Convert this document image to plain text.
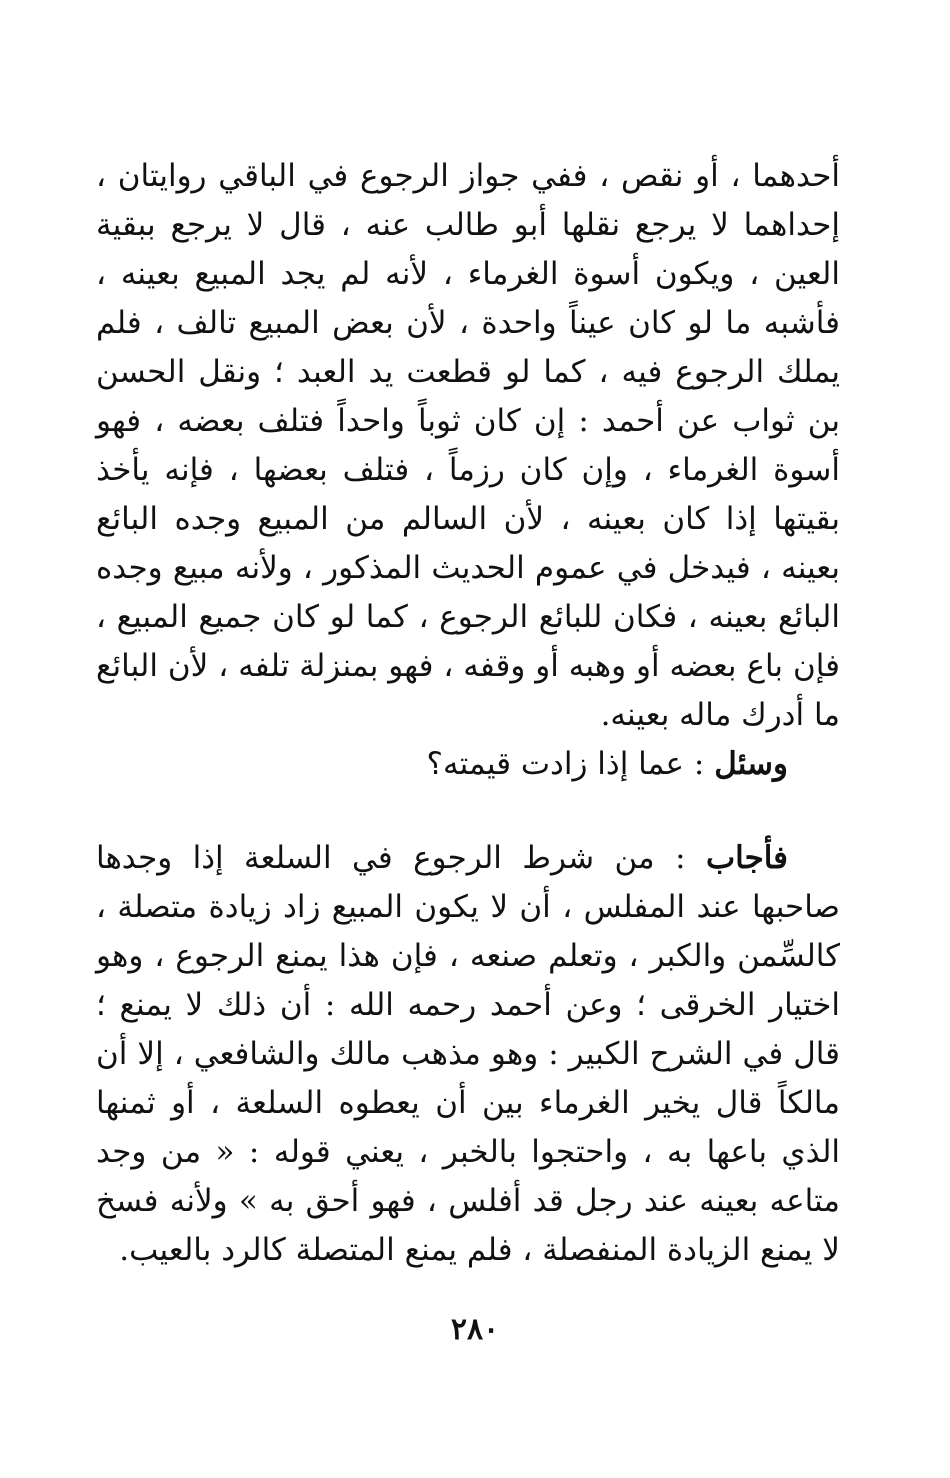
أحدهما ، أو نقص ، ففي جواز الرجوع في الباقي روايتان ، إحداهما لا يرجع نقلها أبو طالب عنه ، قال لا يرجع ببقية العين ، ويكون أسوة الغرماء ، لأنه لم يجد المبيع بعينه ، فأشبه ما لو كان عيناً واحدة ، لأن بعض المبيع تالف ، فلم يملك الرجوع فيه ، كما لو قطعت يد العبد ؛ ونقل الحسن بن ثواب عن أحمد : إن كان ثوباً واحداً فتلف بعضه ، فهو أسوة الغرماء ، وإن كان رزماً ، فتلف بعضها ، فإنه يأخذ بقيتها إذا كان بعينه ، لأن السالم من المبيع وجده البائع بعينه ، فيدخل في عموم الحديث المذكور ، ولأنه مبيع وجده البائع بعينه ، فكان للبائع الرجوع ، كما لو كان جميع المبيع ، فإن باع بعضه أو وهبه أو وقفه ، فهو بمنزلة تلفه ، لأن البائع ما أدرك ماله بعينه.

وسئل : عما إذا زادت قيمته؟

فأجاب : من شرط الرجوع في السلعة إذا وجدها صاحبها عند المفلس ، أن لا يكون المبيع زاد زيادة متصلة ، كالسِّمن والكبر ، وتعلم صنعه ، فإن هذا يمنع الرجوع ، وهو اختيار الخرقى ؛ وعن أحمد رحمه الله : أن ذلك لا يمنع ؛ قال في الشرح الكبير : وهو مذهب مالك والشافعي ، إلا أن مالكاً قال يخير الغرماء بين أن يعطوه السلعة ، أو ثمنها الذي باعها به ، واحتجوا بالخبر ، يعني قوله : « من وجد متاعه بعينه عند رجل قد أفلس ، فهو أحق به » ولأنه فسخ لا يمنع الزيادة المنفصلة ، فلم يمنع المتصلة كالرد بالعيب.

٢٨٠
